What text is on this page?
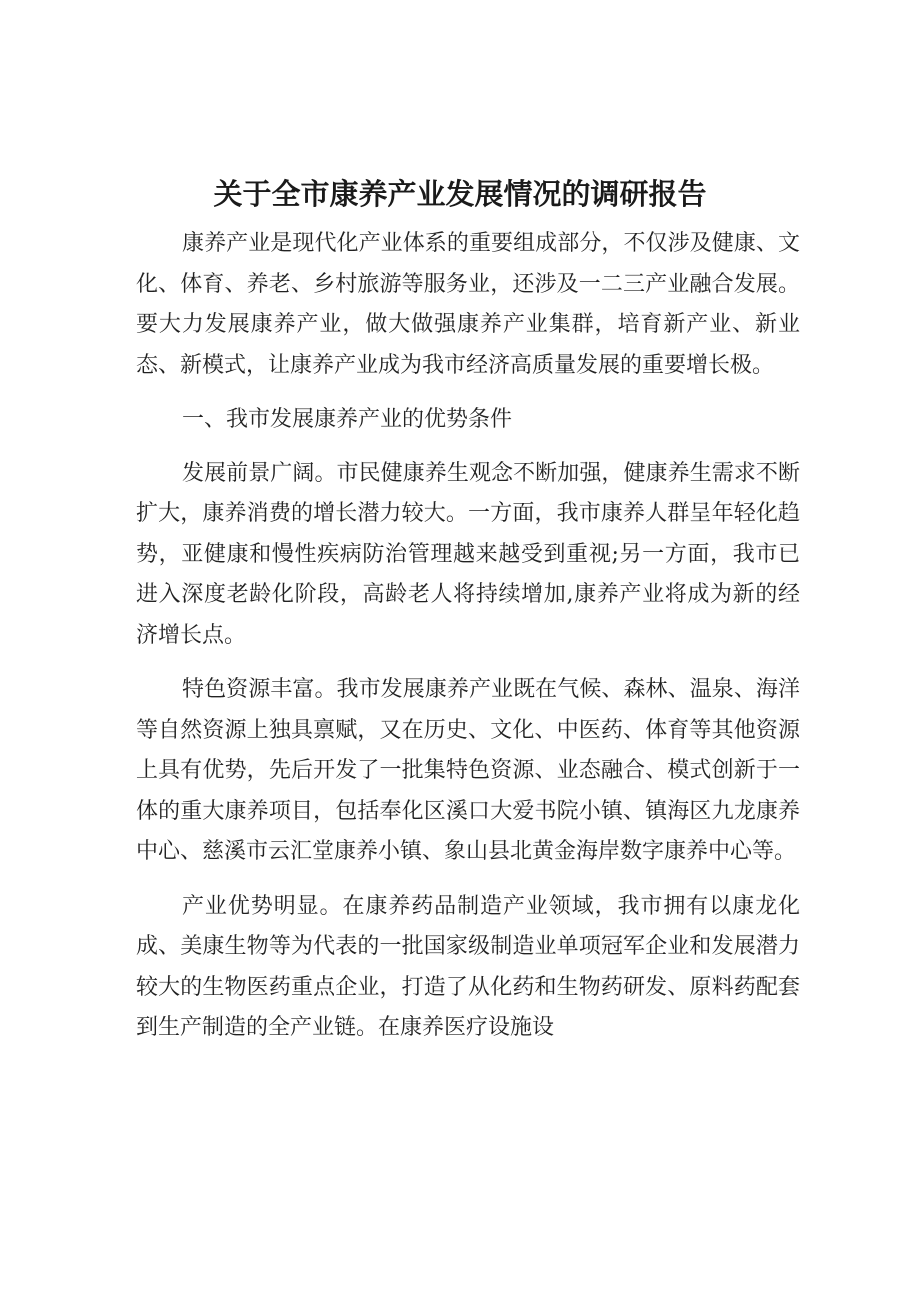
关于全市康养产业发展情况的调研报告

康养产业是现代化产业体系的重要组成部分，不仅涉及健康、文化、体育、养老、乡村旅游等服务业，还涉及一二三产业融合发展。要大力发展康养产业，做大做强康养产业集群，培育新产业、新业态、新模式，让康养产业成为我市经济高质量发展的重要增长极。

一、我市发展康养产业的优势条件

发展前景广阔。市民健康养生观念不断加强，健康养生需求不断扩大，康养消费的增长潜力较大。一方面，我市康养人群呈年轻化趋势，亚健康和慢性疾病防治管理越来越受到重视;另一方面，我市已进入深度老龄化阶段，高龄老人将持续增加,康养产业将成为新的经济增长点。

特色资源丰富。我市发展康养产业既在气候、森林、温泉、海洋等自然资源上独具禀赋，又在历史、文化、中医药、体育等其他资源上具有优势，先后开发了一批集特色资源、业态融合、模式创新于一体的重大康养项目，包括奉化区溪口大爱书院小镇、镇海区九龙康养中心、慈溪市云汇堂康养小镇、象山县北黄金海岸数字康养中心等。

产业优势明显。在康养药品制造产业领域，我市拥有以康龙化成、美康生物等为代表的一批国家级制造业单项冠军企业和发展潜力较大的生物医药重点企业，打造了从化药和生物药研发、原料药配套到生产制造的全产业链。在康养医疗设施设
